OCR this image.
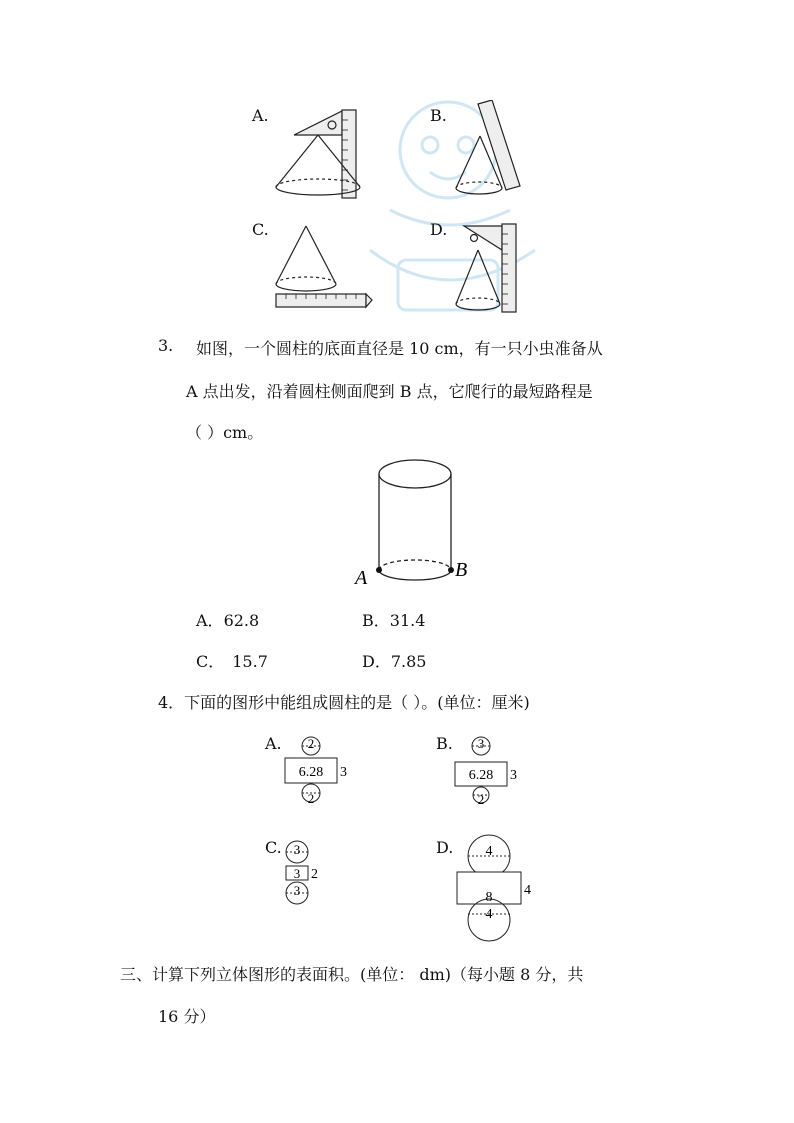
A.	B.
C.	D.
3. 如图，一个圆柱的底面直径是 10 cm，有一只小虫准备从
A 点出发，沿着圆柱侧面爬到 B 点，它爬行的最短路程是
（ ）cm。
A	B
A．62.8	B．31.4
C． 15.7	D．7.85
4．下面的图形中能组成圆柱的是（ ）。(单位：厘米)
A. 2
6.28 3
2
B. 3
6.28 3
2
C. 3
3 2
3
D. 4
8 4
4
三、计算下列立体图形的表面积。(单位： dm)（每小题 8 分，共
16 分）
